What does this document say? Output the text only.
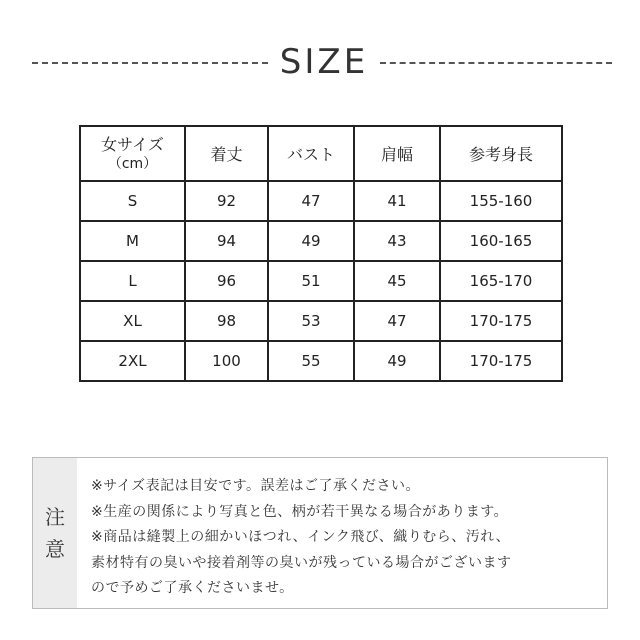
SIZE
女サイズ
（cm）	着丈	バスト	肩幅	参考身長
S	92	47	41	155-160
M	94	49	43	160-165
L	96	51	45	165-170
XL	98	53	47	170-175
2XL	100	55	49	170-175
注
意
※サイズ表記は目安です。誤差はご了承ください。
※生産の関係により写真と色、柄が若干異なる場合があります。
※商品は縫製上の細かいほつれ、インク飛び、織りむら、汚れ、
素材特有の臭いや接着剤等の臭いが残っている場合がございます
ので予めご了承くださいませ。
